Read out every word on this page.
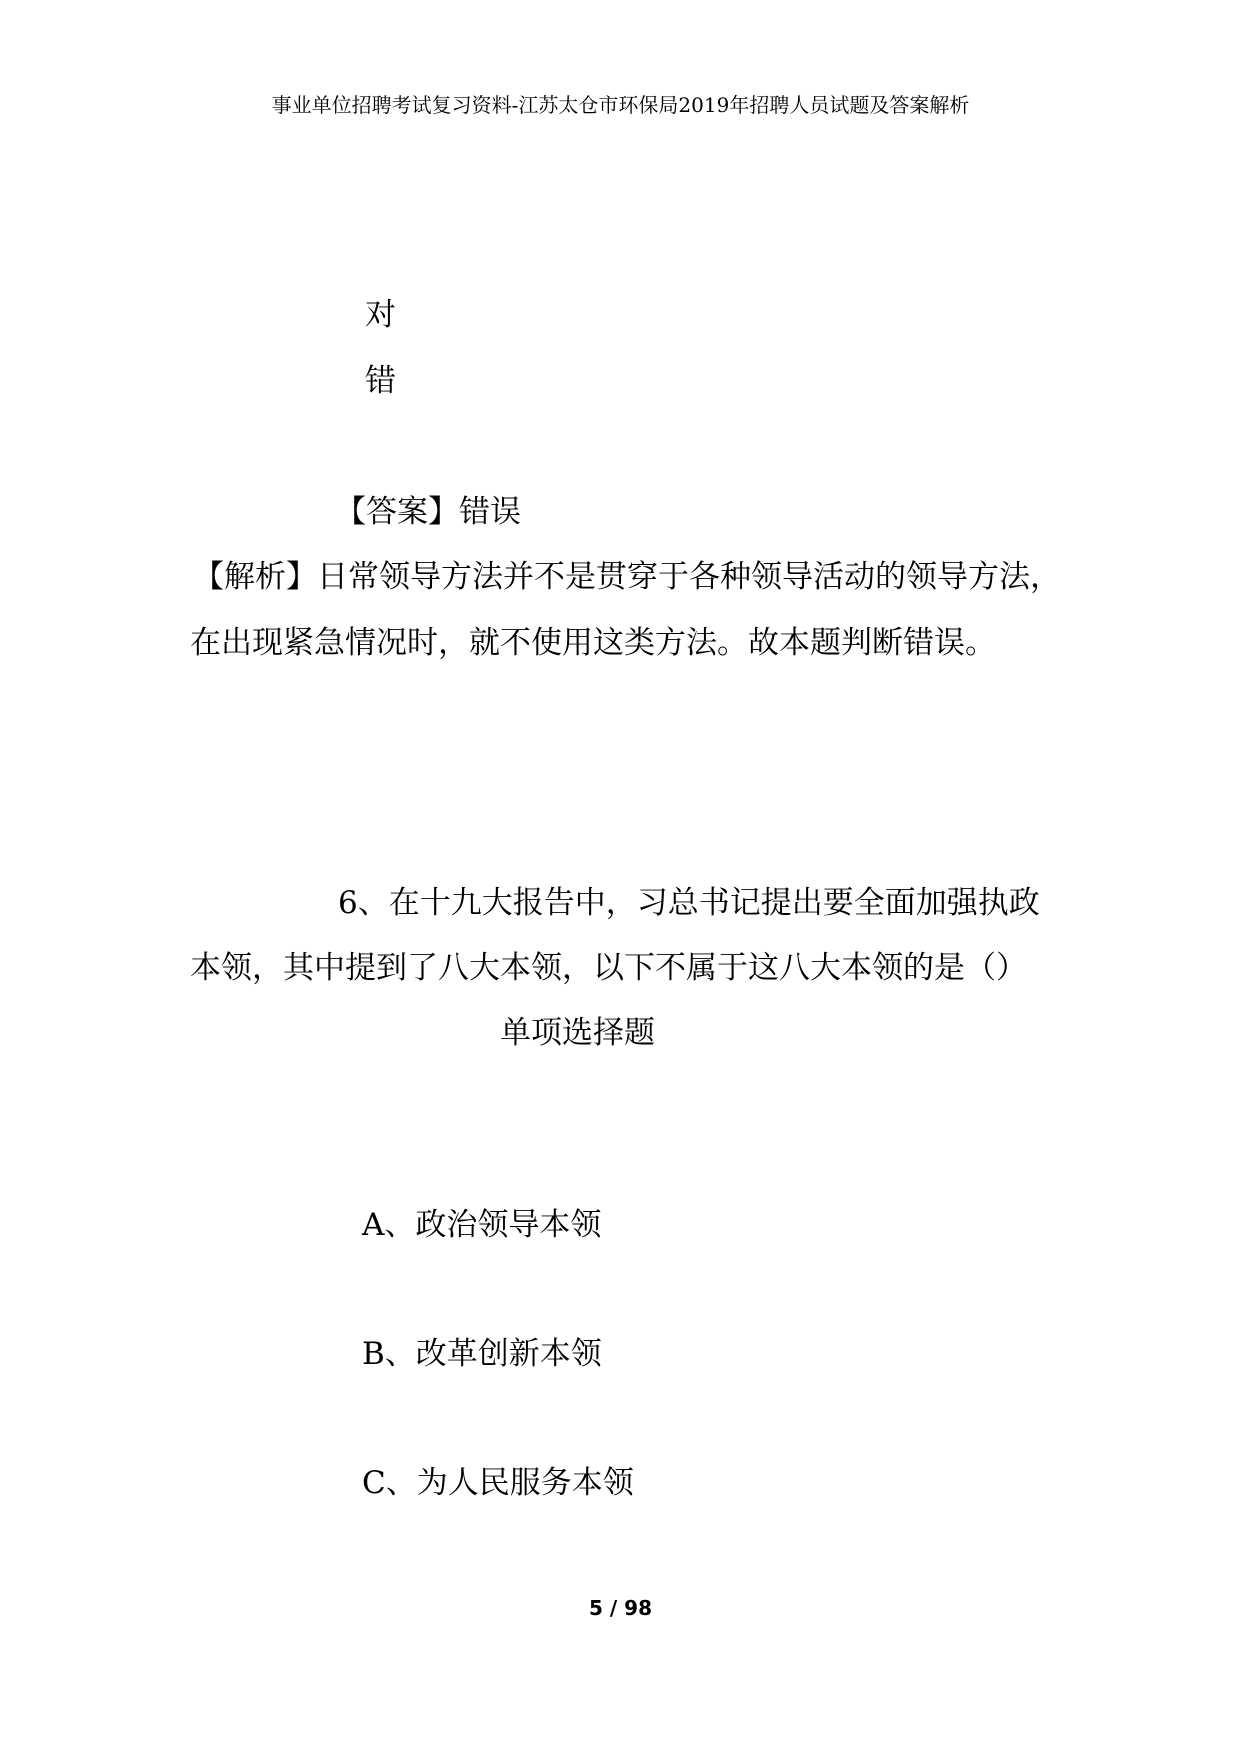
事业单位招聘考试复习资料-江苏太仓市环保局2019年招聘人员试题及答案解析
对
错
【答案】错误
【解析】日常领导方法并不是贯穿于各种领导活动的领导方法，
在出现紧急情况时，就不使用这类方法。故本题判断错误。
6、在十九大报告中，习总书记提出要全面加强执政
本领，其中提到了八大本领，以下不属于这八大本领的是（）
单项选择题
A、政治领导本领
B、改革创新本领
C、为人民服务本领
5 / 98
